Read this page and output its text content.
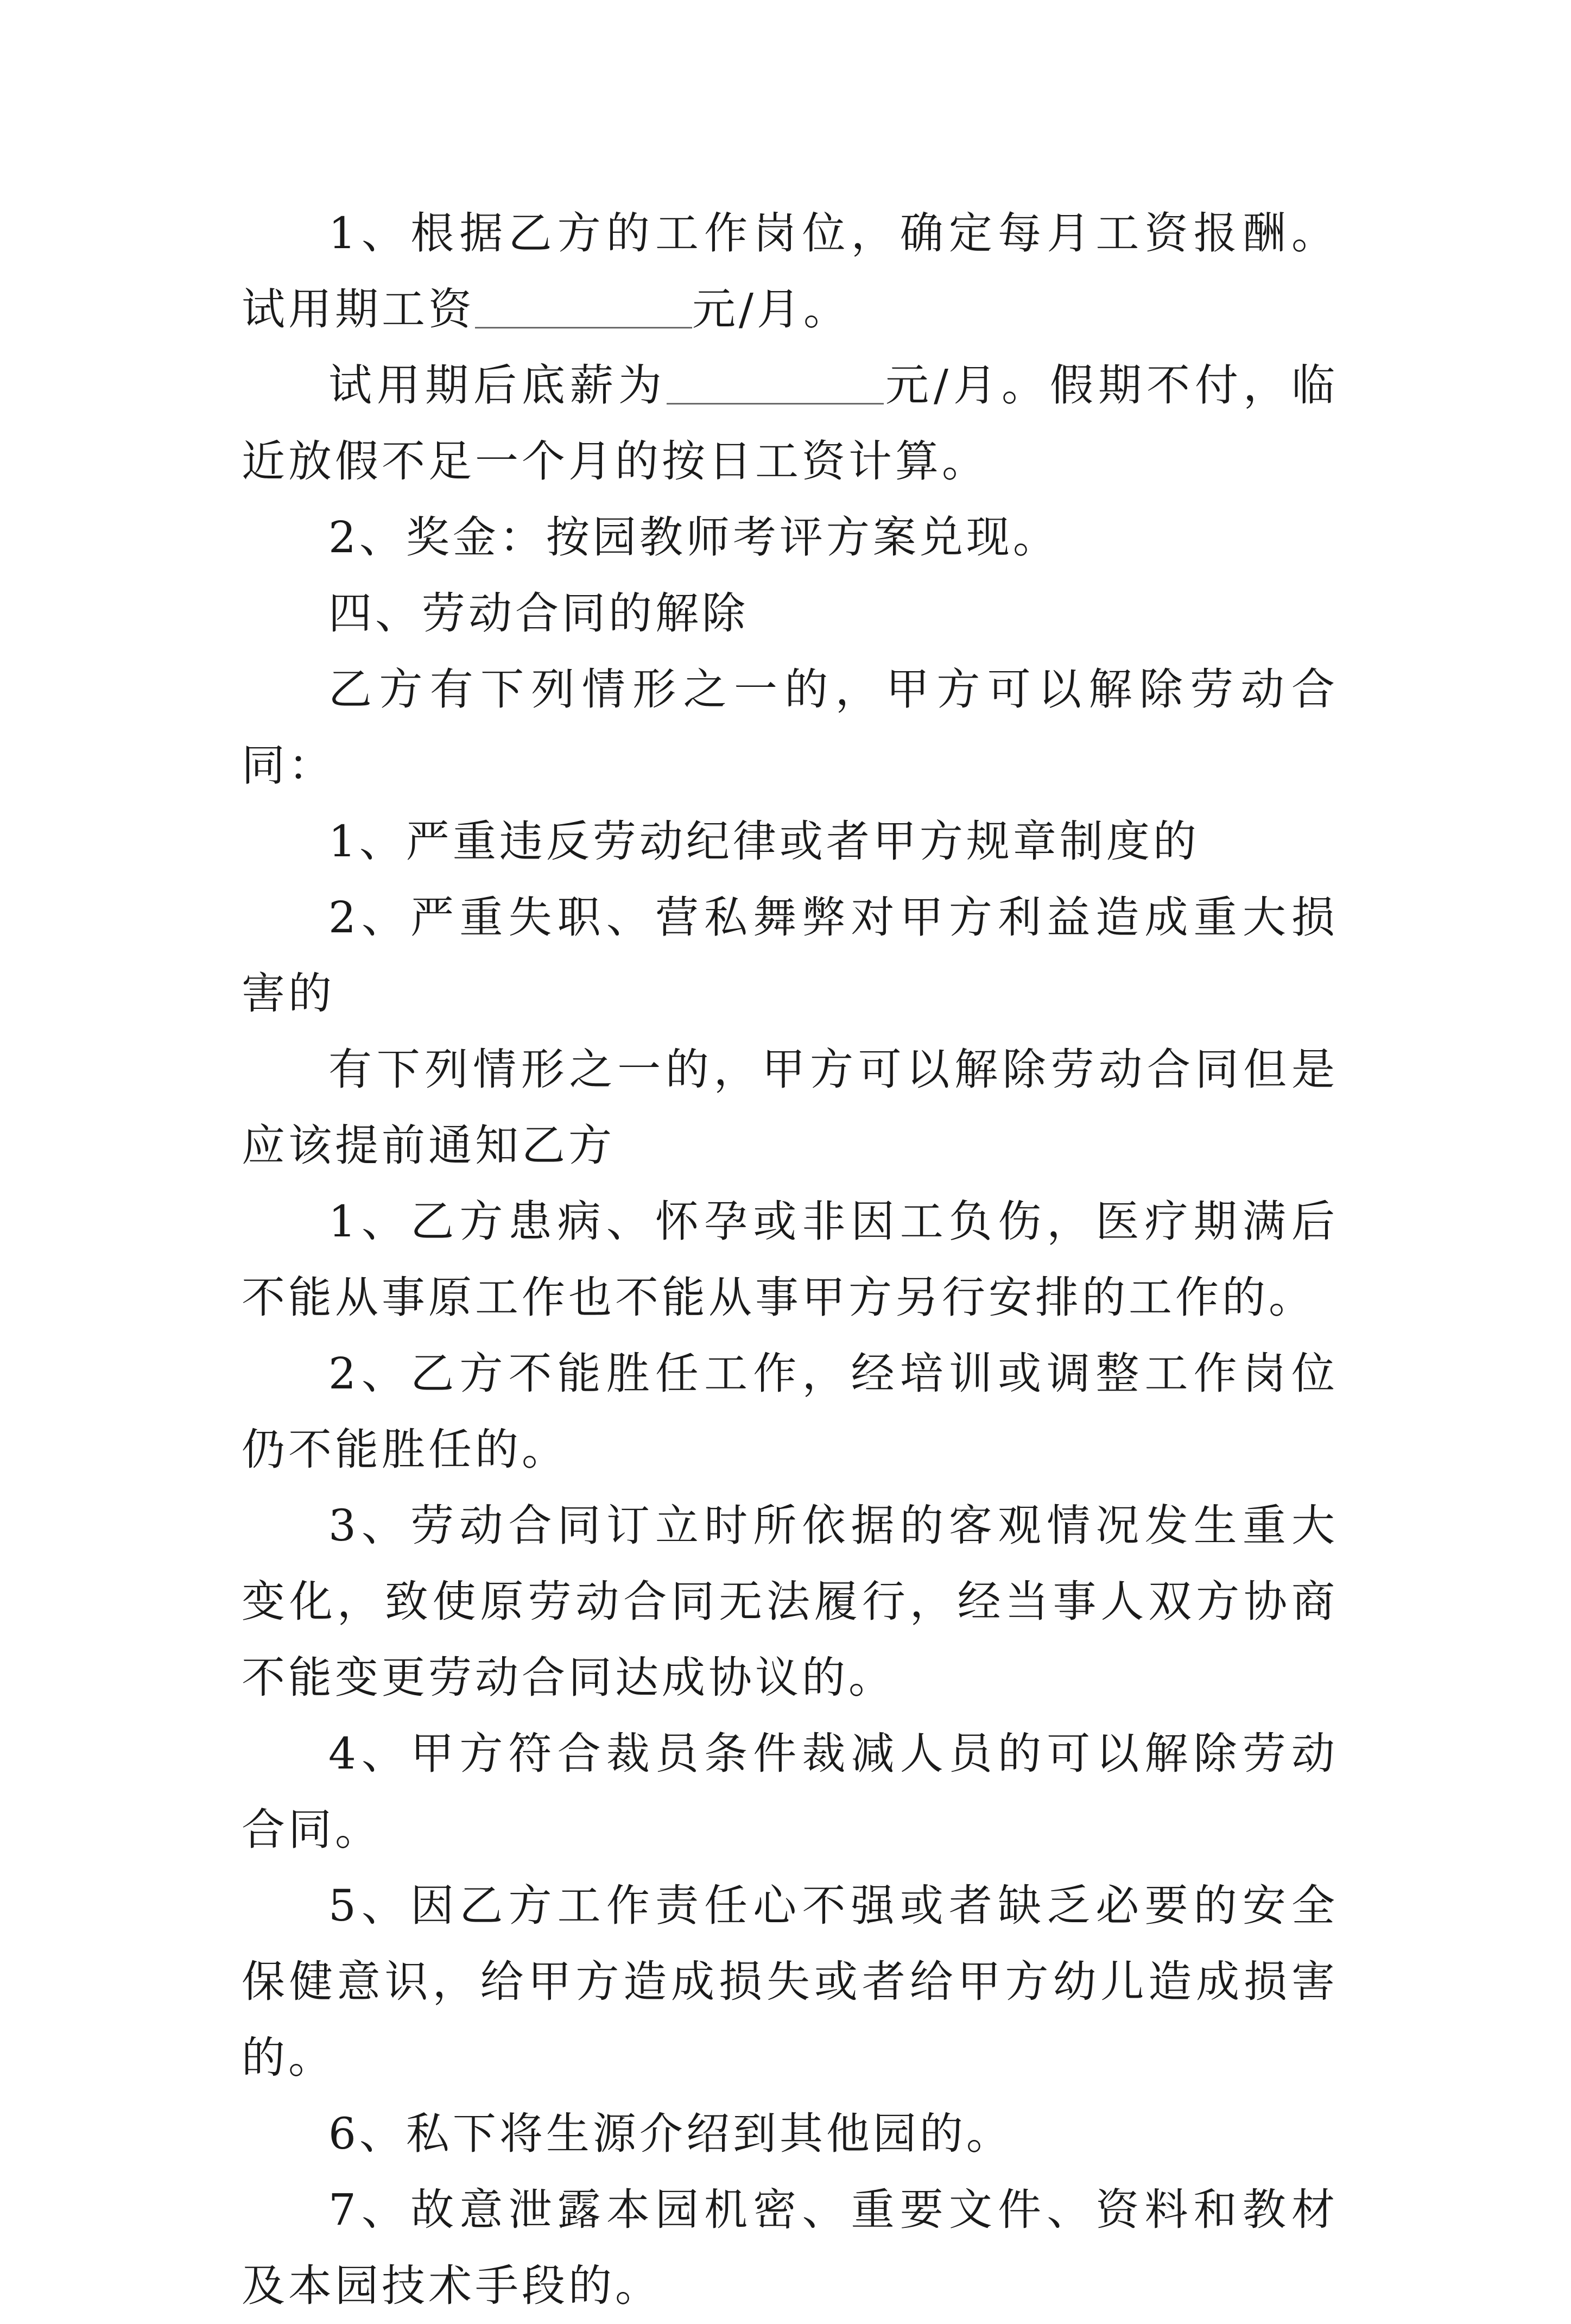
1、根据乙方的工作岗位，确定每月工资报酬。试用期工资	元/月。

试用期后底薪为	元/月。假期不付，临近放假不足一个月的按日工资计算。

2、奖金：按园教师考评方案兑现。

四、劳动合同的解除

乙方有下列情形之一的，甲方可以解除劳动合同：

1、严重违反劳动纪律或者甲方规章制度的

2、严重失职、营私舞弊对甲方利益造成重大损害的

有下列情形之一的，甲方可以解除劳动合同但是应该提前通知乙方

1、乙方患病、怀孕或非因工负伤，医疗期满后不能从事原工作也不能从事甲方另行安排的工作的。

2、乙方不能胜任工作，经培训或调整工作岗位仍不能胜任的。

3、劳动合同订立时所依据的客观情况发生重大变化，致使原劳动合同无法履行，经当事人双方协商不能变更劳动合同达成协议的。

4、甲方符合裁员条件裁减人员的可以解除劳动合同。

5、因乙方工作责任心不强或者缺乏必要的安全保健意识，给甲方造成损失或者给甲方幼儿造成损害的。

6、私下将生源介绍到其他园的。

7、故意泄露本园机密、重要文件、资料和教材及本园技术手段的。
